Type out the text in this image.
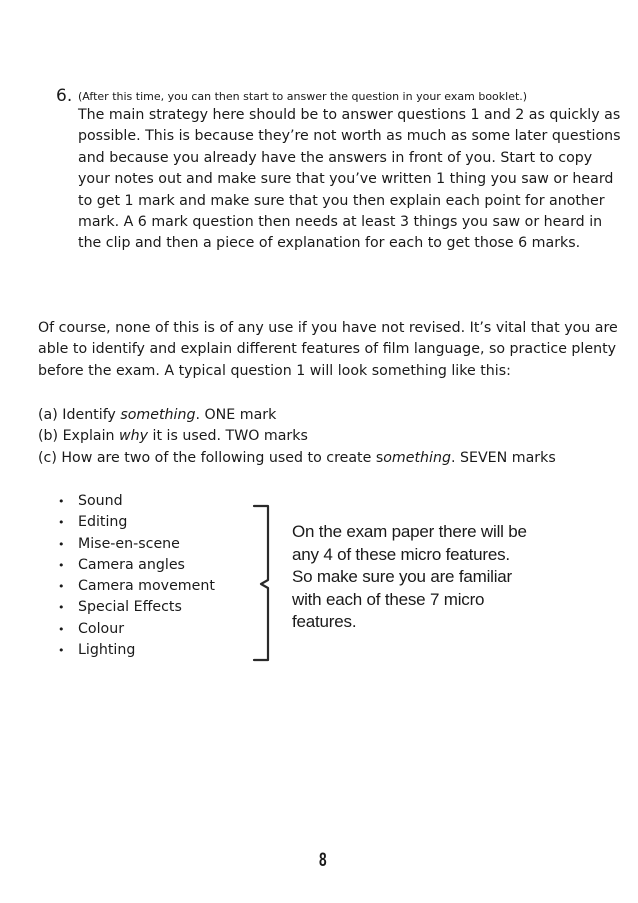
6. (After this time, you can then start to answer the question in your exam booklet.)
The main strategy here should be to answer questions 1 and 2 as quickly as possible. This is because they’re not worth as much as some later questions and because you already have the answers in front of you. Start to copy your notes out and make sure that you’ve written 1 thing you saw or heard to get 1 mark and make sure that you then explain each point for another mark. A 6 mark question then needs at least 3 things you saw or heard in the clip and then a piece of explanation for each to get those 6 marks.
Of course, none of this is of any use if you have not revised. It’s vital that you are able to identify and explain different features of film language, so practice plenty before the exam. A typical question 1 will look something like this:
(a) Identify something. ONE mark
(b) Explain why it is used. TWO marks
(c) How are two of the following used to create something. SEVEN marks
• Sound
• Editing
• Mise-en-scene
• Camera angles
• Camera movement
• Special Effects
• Colour
• Lighting
On the exam paper there will be any 4 of these micro features. So make sure you are familiar with each of these 7 micro features.
8
